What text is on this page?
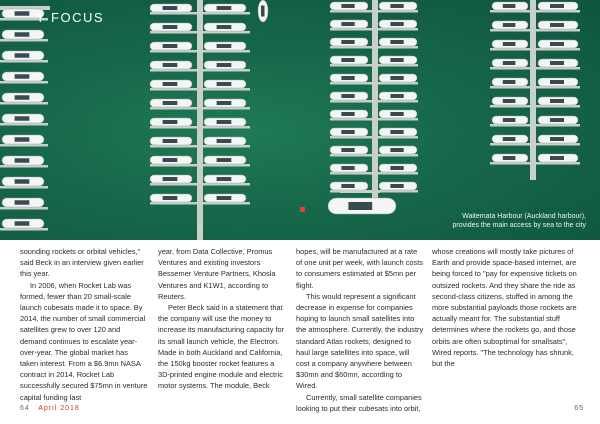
Y FOCUS
Waitemata Harbour (Auckland harbour),
provides the main access by sea to the city

sounding rockets or orbital vehicles," said Beck in an interview given earlier this year.

In 2006, when Rocket Lab was formed, fewer than 20 small-scale launch cubesats made it to space. By 2014, the number of small commercial satellites grew to over 120 and demand continues to escalate year-over-year. The global market has taken interest. From a $6.9mn NASA contract in 2014, Rocket Lab successfully secured $75mn in venture capital funding last

year, from Data Collective, Promus Ventures and existing investors Bessemer Venture Partners, Khosla Ventures and K1W1, according to Reuters.

Peter Beck said in a statement that the company will use the money to increase its manufacturing capacity for its small launch vehicle, the Electron. Made in both Auckland and California, the 150kg booster rocket features a 3D-printed engine module and electric motor systems. The module, Beck

hopes, will be manufactured at a rate of one unit per week, with launch costs to consumers estimated at $5mn per flight.

This would represent a significant decrease in expense for companies hoping to launch small satellites into the atmosphere. Currently, the industry standard Atlas rockets, designed to haul large satellites into space, will cost a company anywhere between $30mn and $60mn, according to Wired.

Currently, small satellite companies looking to put their cubesats into orbit,

whose creations will mostly take pictures of Earth and provide space-based internet, are being forced to "pay for expensive tickets on outsized rockets. And they share the ride as second-class citizens, stuffed in among the more substantial payloads those rockets are actually meant for. The substantial stuff determines where the rockets go, and those orbits are often suboptimal for smallsats", Wired reports. "The technology has shrunk, but the

64 April 2018	65
